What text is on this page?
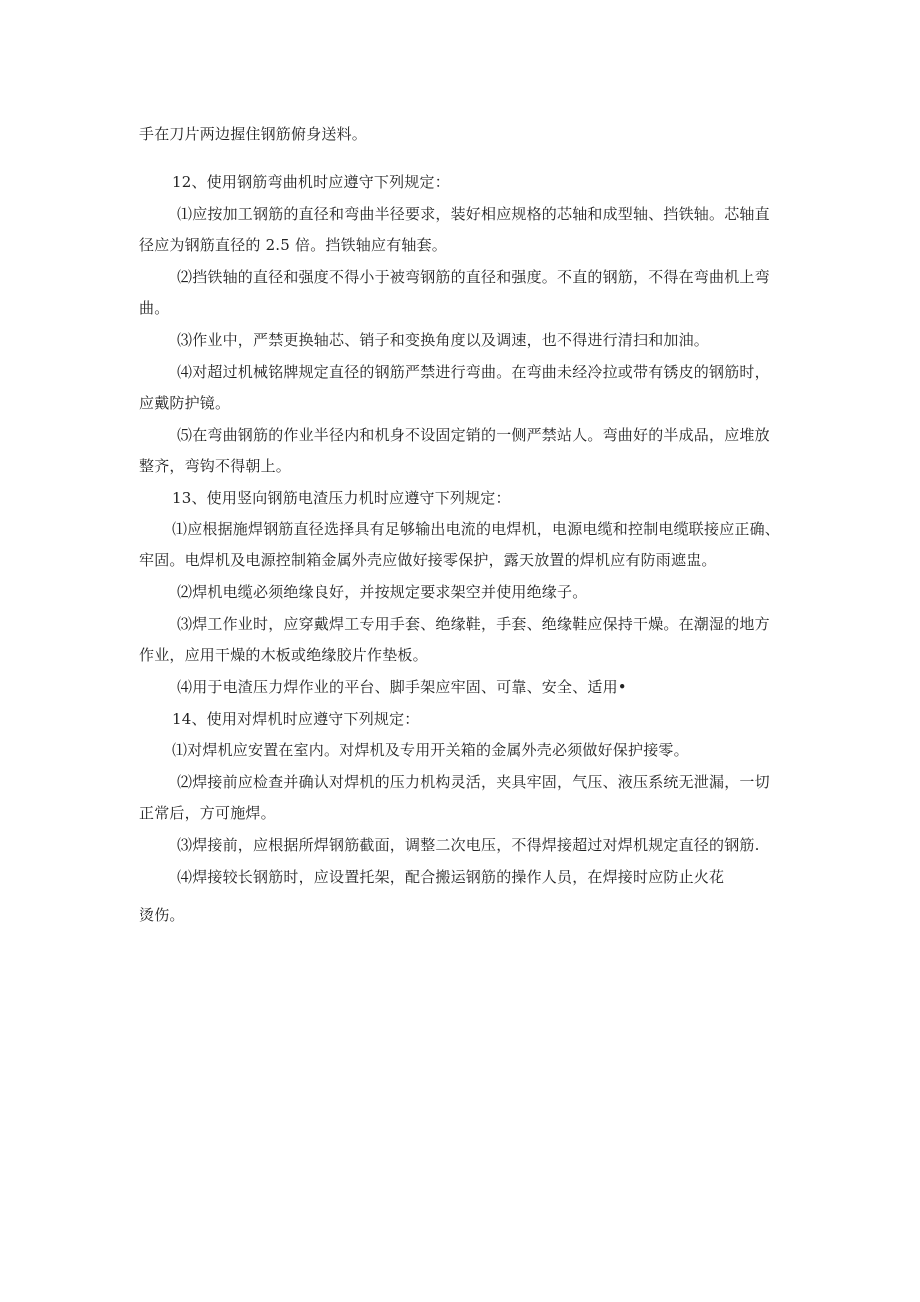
手在刀片两边握住钢筋俯身送料。
12、使用钢筋弯曲机时应遵守下列规定：
⑴应按加工钢筋的直径和弯曲半径要求，装好相应规格的芯轴和成型轴、挡铁轴。芯轴直
径应为钢筋直径的 2.5 倍。挡铁轴应有轴套。
⑵挡铁轴的直径和强度不得小于被弯钢筋的直径和强度。不直的钢筋，不得在弯曲机上弯
曲。
⑶作业中，严禁更换轴芯、销子和变换角度以及调速，也不得进行清扫和加油。
⑷对超过机械铭牌规定直径的钢筋严禁进行弯曲。在弯曲未经冷拉或带有锈皮的钢筋时，
应戴防护镜。
⑸在弯曲钢筋的作业半径内和机身不设固定销的一侧严禁站人。弯曲好的半成品，应堆放
整齐，弯钩不得朝上。
13、使用竖向钢筋电渣压力机时应遵守下列规定：
⑴应根据施焊钢筋直径选择具有足够输出电流的电焊机，电源电缆和控制电缆联接应正确、
牢固。电焊机及电源控制箱金属外壳应做好接零保护，露天放置的焊机应有防雨遮盅。
⑵焊机电缆必须绝缘良好，并按规定要求架空并使用绝缘子。
⑶焊工作业时，应穿戴焊工专用手套、绝缘鞋，手套、绝缘鞋应保持干燥。在潮湿的地方
作业，应用干燥的木板或绝缘胶片作垫板。
⑷用于电渣压力焊作业的平台、脚手架应牢固、可靠、安全、适用•
14、使用对焊机时应遵守下列规定：
⑴对焊机应安置在室内。对焊机及专用开关箱的金属外壳必须做好保护接零。
⑵焊接前应检查并确认对焊机的压力机构灵活，夹具牢固，气压、液压系统无泄漏，一切
正常后，方可施焊。
⑶焊接前，应根据所焊钢筋截面，调整二次电压，不得焊接超过对焊机规定直径的钢筋.
⑷焊接较长钢筋时，应设置托架，配合搬运钢筋的操作人员，在焊接时应防止火花
烫伤。
